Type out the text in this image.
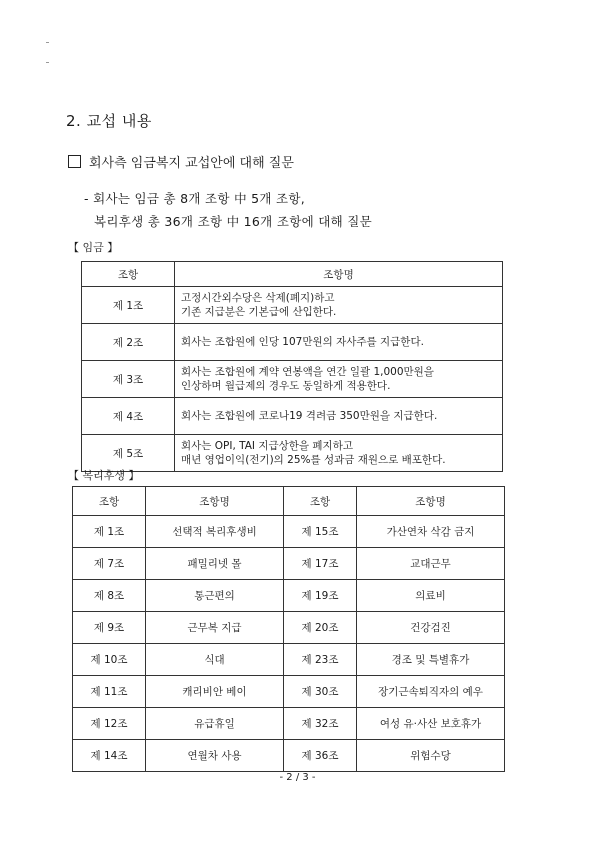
2. 교섭 내용
회사측 임금복지 교섭안에 대해 질문
- 회사는 임금 총 8개 조항 中 5개 조항,
복리후생 총 36개 조항 中 16개 조항에 대해 질문
【 임금 】
조항	조항명
제 1조	고정시간외수당은 삭제(폐지)하고
기존 지급분은 기본급에 산입한다.

제 2조	회사는 조합원에 인당 107만원의 자사주를 지급한다.

제 3조	회사는 조합원에 계약 연봉액을 연간 일괄 1,000만원을
인상하며 월급제의 경우도 동일하게 적용한다.

제 4조	회사는 조합원에 코로나19 격려금 350만원을 지급한다.

제 5조	회사는 OPI, TAI 지급상한을 폐지하고
매년 영업이익(전기)의 25%를 성과금 재원으로 배포한다.
【 복리후생 】
조항	조항명	조항	조항명
제 1조	선택적 복리후생비	제 15조	가산연차 삭감 금지
제 7조	패밀리넷 몰	제 17조	교대근무
제 8조	통근편의	제 19조	의료비
제 9조	근무복 지급	제 20조	건강검진
제 10조	식대	제 23조	경조 및 특별휴가
제 11조	캐리비안 베이	제 30조	장기근속퇴직자의 예우
제 12조	유급휴일	제 32조	여성 유·사산 보호휴가
제 14조	연월차 사용	제 36조	위험수당
- 2 / 3 -
